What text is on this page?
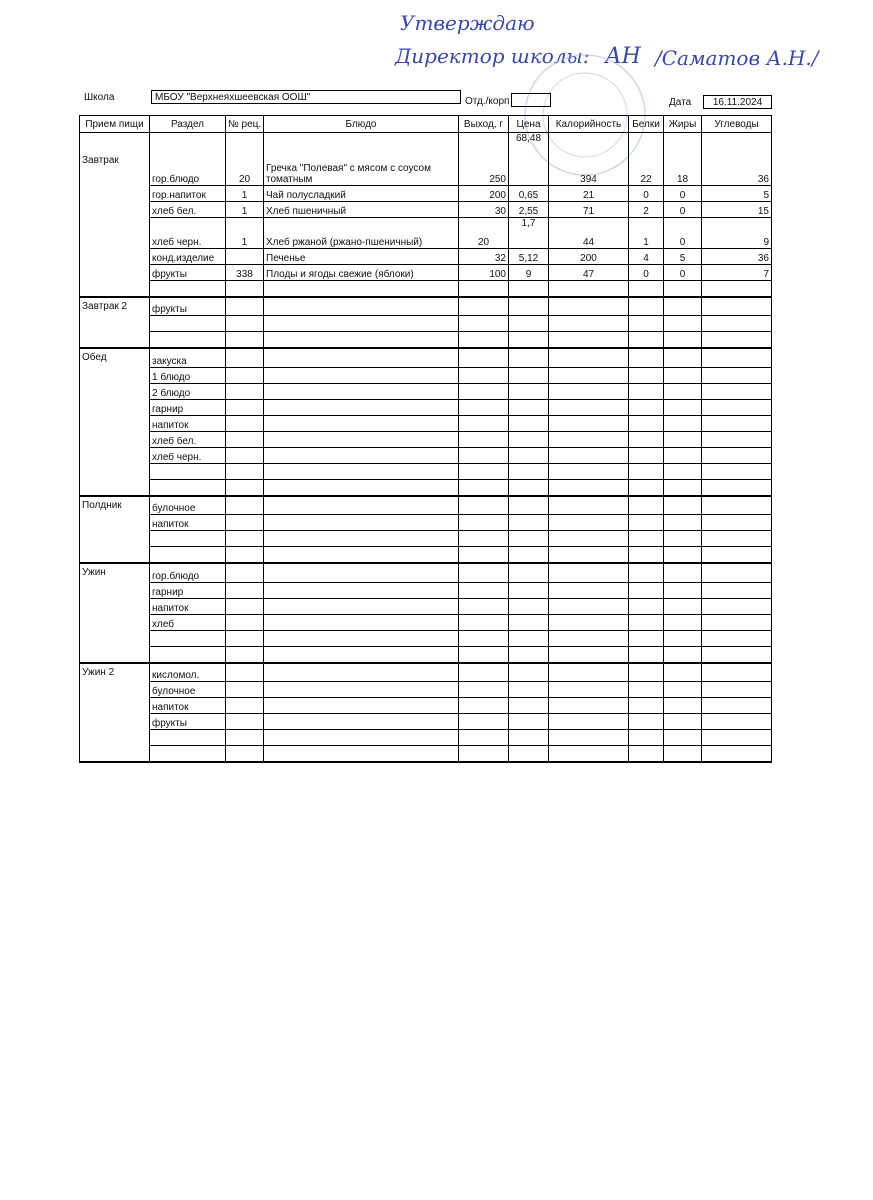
Утверждаю
Директор школы: АН /Саматов А.Н./
Школа	МБОУ "Верхнеяхшеевская ООШ"	Отд./корп	Дата	16.11.2024
Прием пищи	Раздел	№ рец.	Блюдо	Выход, г	Цена	Калорийность	Белки	Жиры	Углеводы
Завтрак	гор.блюдо	20	Гречка "Полевая" с мясом с соусом томатным	250	68,48	394	22	18	36
	гор.напиток	1	Чай полусладкий	200	0,65	21	0	0	5
	хлеб бел.	1	Хлеб пшеничный	30	2,55	71	2	0	15
	хлеб черн.	1	Хлеб ржаной (ржано-пшеничный)	20	1,7	44	1	0	9
	конд.изделие		Печенье	32	5,12	200	4	5	36
	фрукты	338	Плоды и ягоды свежие (яблоки)	100	9	47	0	0	7

Завтрак 2	фрукты								

Обед	закуска								
	1 блюдо								
	2 блюдо								
	гарнир								
	напиток								
	хлеб бел.								
	хлеб черн.								

Полдник	булочное								
	напиток								

Ужин	гор.блюдо								
	гарнир								
	напиток								
	хлеб								

Ужин 2	кисломол.								
	булочное								
	напиток								
	фрукты								
